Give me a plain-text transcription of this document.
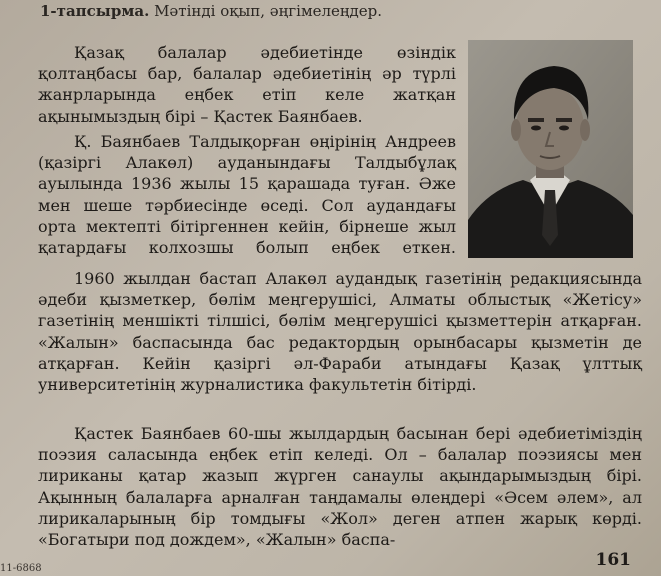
1-тапсырма. Мәтінді оқып, әңгімелеңдер.

Қазақ балалар әдебиетінде өзіндік қолтаңбасы бар, балалар әдебиетінің әр түрлі жанрларында еңбек етіп келе жатқан ақынымыздың бірі – Қастек Баянбаев.

Қ. Баянбаев Талдықорған өңірінің Андреев (қазіргі Алакөл) ауданындағы Талдыбұлақ ауылында 1936 жылы 15 қарашада туған. Әже мен шеше тәрбиесінде өседі. Сол аудандағы орта мектепті бітіргеннен кейін, бірнеше жыл қатардағы колхозшы болып еңбек еткен.

1960 жылдан бастап Алакөл аудандық газетінің редакциясында әдеби қызметкер, бөлім меңгерушісі, Алматы облыстық «Жетісу» газетінің меншікті тілшісі, бөлім меңгерушісі қызметтерін атқарған. «Жалын» баспасында бас редактордың орынбасары қызметін де атқарған. Кейін қазіргі әл-Фараби атындағы Қазақ ұлттық университетінің журналистика факультетін бітірді.

Қастек Баянбаев 60-шы жылдардың басынан бері әдебиетіміздің поэзия саласында еңбек етіп келеді. Ол – балалар поэзиясы мен лириканы қатар жазып жүрген санаулы ақындарымыздың бірі. Ақынның балаларға арналған таңдамалы өлеңдері «Әсем әлем», ал лирикаларының бір томдығы «Жол» деген атпен жарық көрді. «Богатыри под дождем», «Жалын» баспа-

11-6868	161
